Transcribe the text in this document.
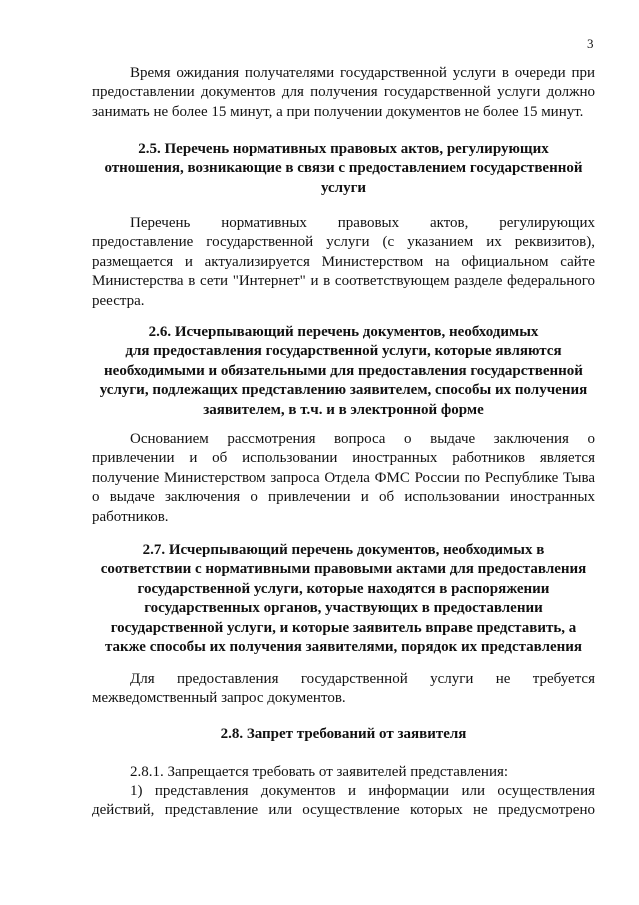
3
Время ожидания получателями государственной услуги в очереди при
предоставлении документов для получения государственной услуги должно
занимать не более 15 минут, а при получении документов не более 15 минут.
2.5. Перечень нормативных правовых актов, регулирующих
отношения, возникающие в связи с предоставлением государственной
услуги
Перечень нормативных правовых актов, регулирующих
предоставление государственной услуги (с указанием их реквизитов),
размещается и актуализируется Министерством на официальном сайте
Министерства в сети "Интернет" и в соответствующем разделе федерального
реестра.
2.6. Исчерпывающий перечень документов, необходимых
для предоставления государственной услуги, которые являются
необходимыми и обязательными для предоставления государственной
услуги, подлежащих представлению заявителем, способы их получения
заявителем, в т.ч. и в электронной форме
Основанием рассмотрения вопроса о выдаче заключения о
привлечении и об использовании иностранных работников является
получение Министерством запроса Отдела ФМС России по Республике Тыва
о выдаче заключения о привлечении и об использовании иностранных
работников.
2.7. Исчерпывающий перечень документов, необходимых в
соответствии с нормативными правовыми актами для предоставления
государственной услуги, которые находятся в распоряжении
государственных органов, участвующих в предоставлении
государственной услуги, и которые заявитель вправе представить, а
также способы их получения заявителями, порядок их представления
Для предоставления государственной услуги не требуется
межведомственный запрос документов.
2.8. Запрет требований от заявителя
2.8.1. Запрещается требовать от заявителей представления:
1) представления документов и информации или осуществления
действий, представление или осуществление которых не предусмотрено
